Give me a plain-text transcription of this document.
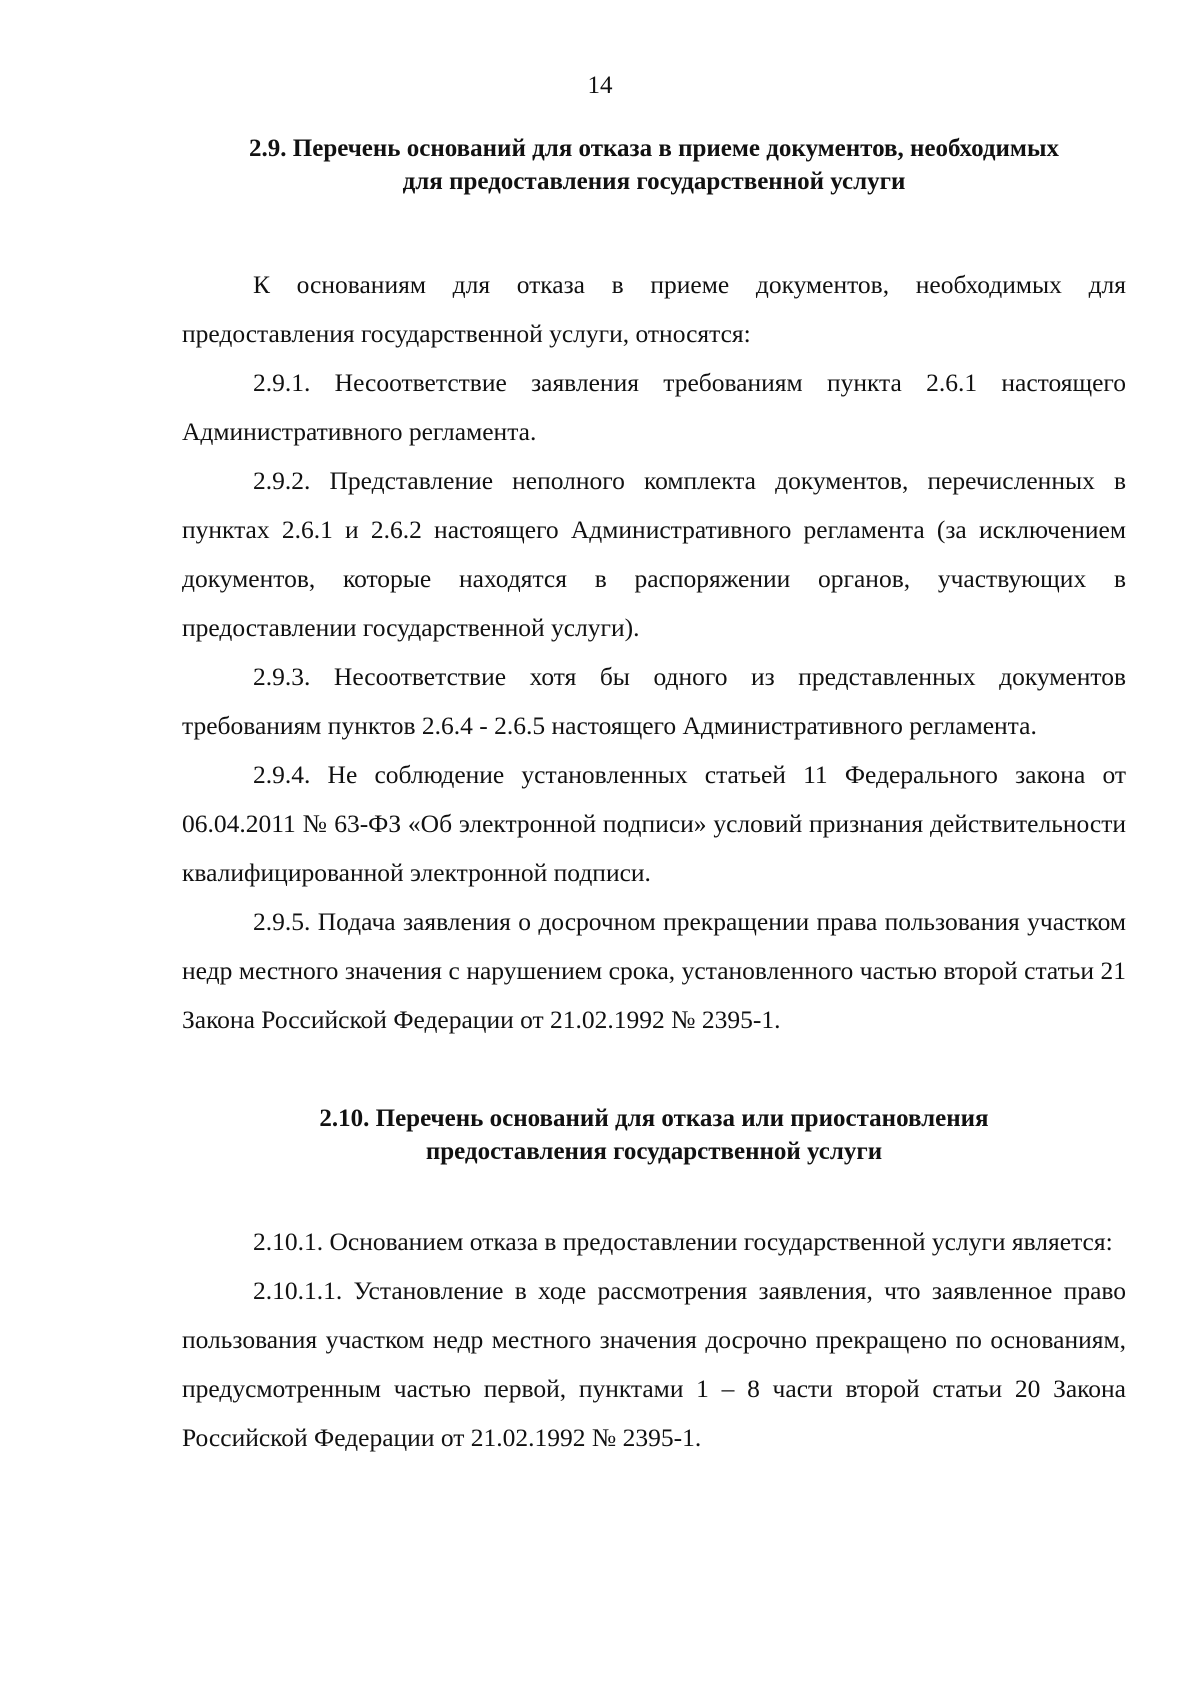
14
2.9. Перечень оснований для отказа в приеме документов, необходимых
для предоставления государственной услуги

К основаниям для отказа в приеме документов, необходимых для предоставления государственной услуги, относятся:

2.9.1. Несоответствие заявления требованиям пункта 2.6.1 настоящего Административного регламента.

2.9.2. Представление неполного комплекта документов, перечисленных в пунктах 2.6.1 и 2.6.2 настоящего Административного регламента (за исключением документов, которые находятся в распоряжении органов, участвующих в предоставлении государственной услуги).

2.9.3. Несоответствие хотя бы одного из представленных документов требованиям пунктов 2.6.4 - 2.6.5 настоящего Административного регламента.

2.9.4. Не соблюдение установленных статьей 11 Федерального закона от 06.04.2011 № 63-ФЗ «Об электронной подписи» условий признания действительности квалифицированной электронной подписи.

2.9.5. Подача заявления о досрочном прекращении права пользования участком недр местного значения с нарушением срока, установленного частью второй статьи 21 Закона Российской Федерации от 21.02.1992 № 2395-1.

2.10. Перечень оснований для отказа или приостановления
предоставления государственной услуги

2.10.1. Основанием отказа в предоставлении государственной услуги является:

2.10.1.1. Установление в ходе рассмотрения заявления, что заявленное право пользования участком недр местного значения досрочно прекращено по основаниям, предусмотренным частью первой, пунктами 1 – 8 части второй статьи 20 Закона Российской Федерации от 21.02.1992 № 2395-1.
